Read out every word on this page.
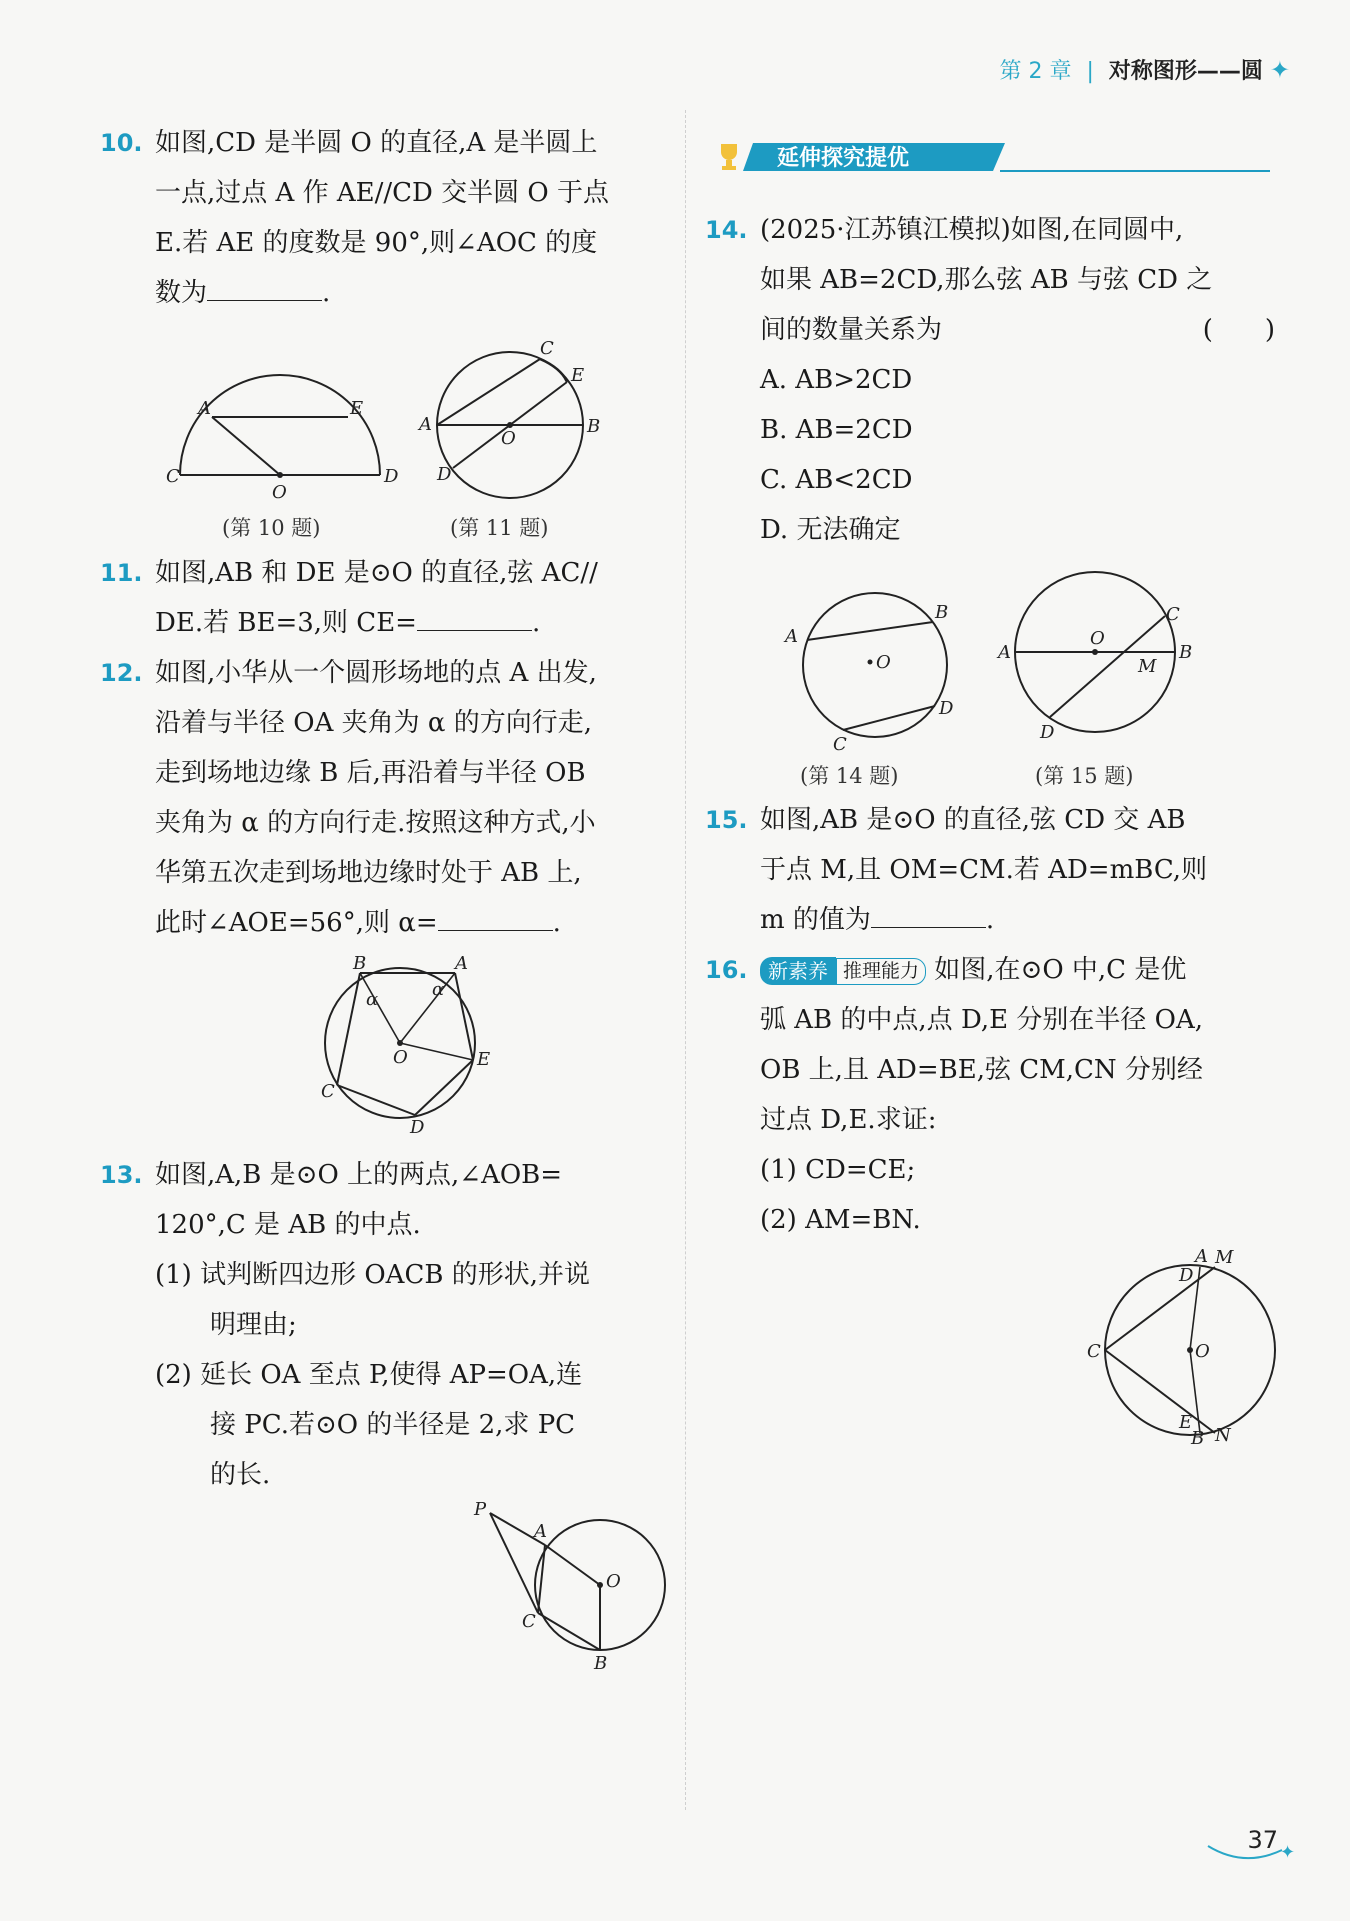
第 2 章 | 对称图形——圆 ✦
10. 如图,CD 是半圆 O 的直径,A 是半圆上
一点,过点 A 作 AE//CD 交半圆 O 于点
E.若 AE 的度数是 90°,则∠AOC 的度
数为	.
A	E
C
O
D
(第 10 题)
C
E
A
O
B
D
(第 11 题)
11. 如图,AB 和 DE 是⊙O 的直径,弦 AC//
DE.若 BE=3,则 CE=	.
12. 如图,小华从一个圆形场地的点 A 出发,
沿着与半径 OA 夹角为 α 的方向行走,
走到场地边缘 B 后,再沿着与半径 OB
夹角为 α 的方向行走.按照这种方式,小
华第五次走到场地边缘时处于 AB 上,
此时∠AOE=56°,则 α=	.
B	A
α
α
O	E
C
D
13. 如图,A,B 是⊙O 上的两点,∠AOB=
120°,C 是 AB 的中点.
(1) 试判断四边形 OACB 的形状,并说
明理由;
(2) 延长 OA 至点 P,使得 AP=OA,连
接 PC.若⊙O 的半径是 2,求 PC
的长.
P
A
O
C
B
延伸探究提优
14. (2025·江苏镇江模拟)如图,在同圆中,
如果 AB=2CD,那么弦 AB 与弦 CD 之
间的数量关系为	(　　)
A. AB>2CD
B. AB=2CD
C. AB<2CD
D. 无法确定
A
B
O
D
C
(第 14 题)
C
A
O
B
M
D
(第 15 题)
15. 如图,AB 是⊙O 的直径,弦 CD 交 AB
于点 M,且 OM=CM.若 AD=mBC,则
m 的值为	.
16.	新素养 推理能力 如图,在⊙O 中,C 是优
弧 AB 的中点,点 D,E 分别在半径 OA,
OB 上,且 AD=BE,弦 CM,CN 分别经
过点 D,E.求证:
(1) CD=CE;
(2) AM=BN.
A M
D
C	O
E
B N
✦
37
